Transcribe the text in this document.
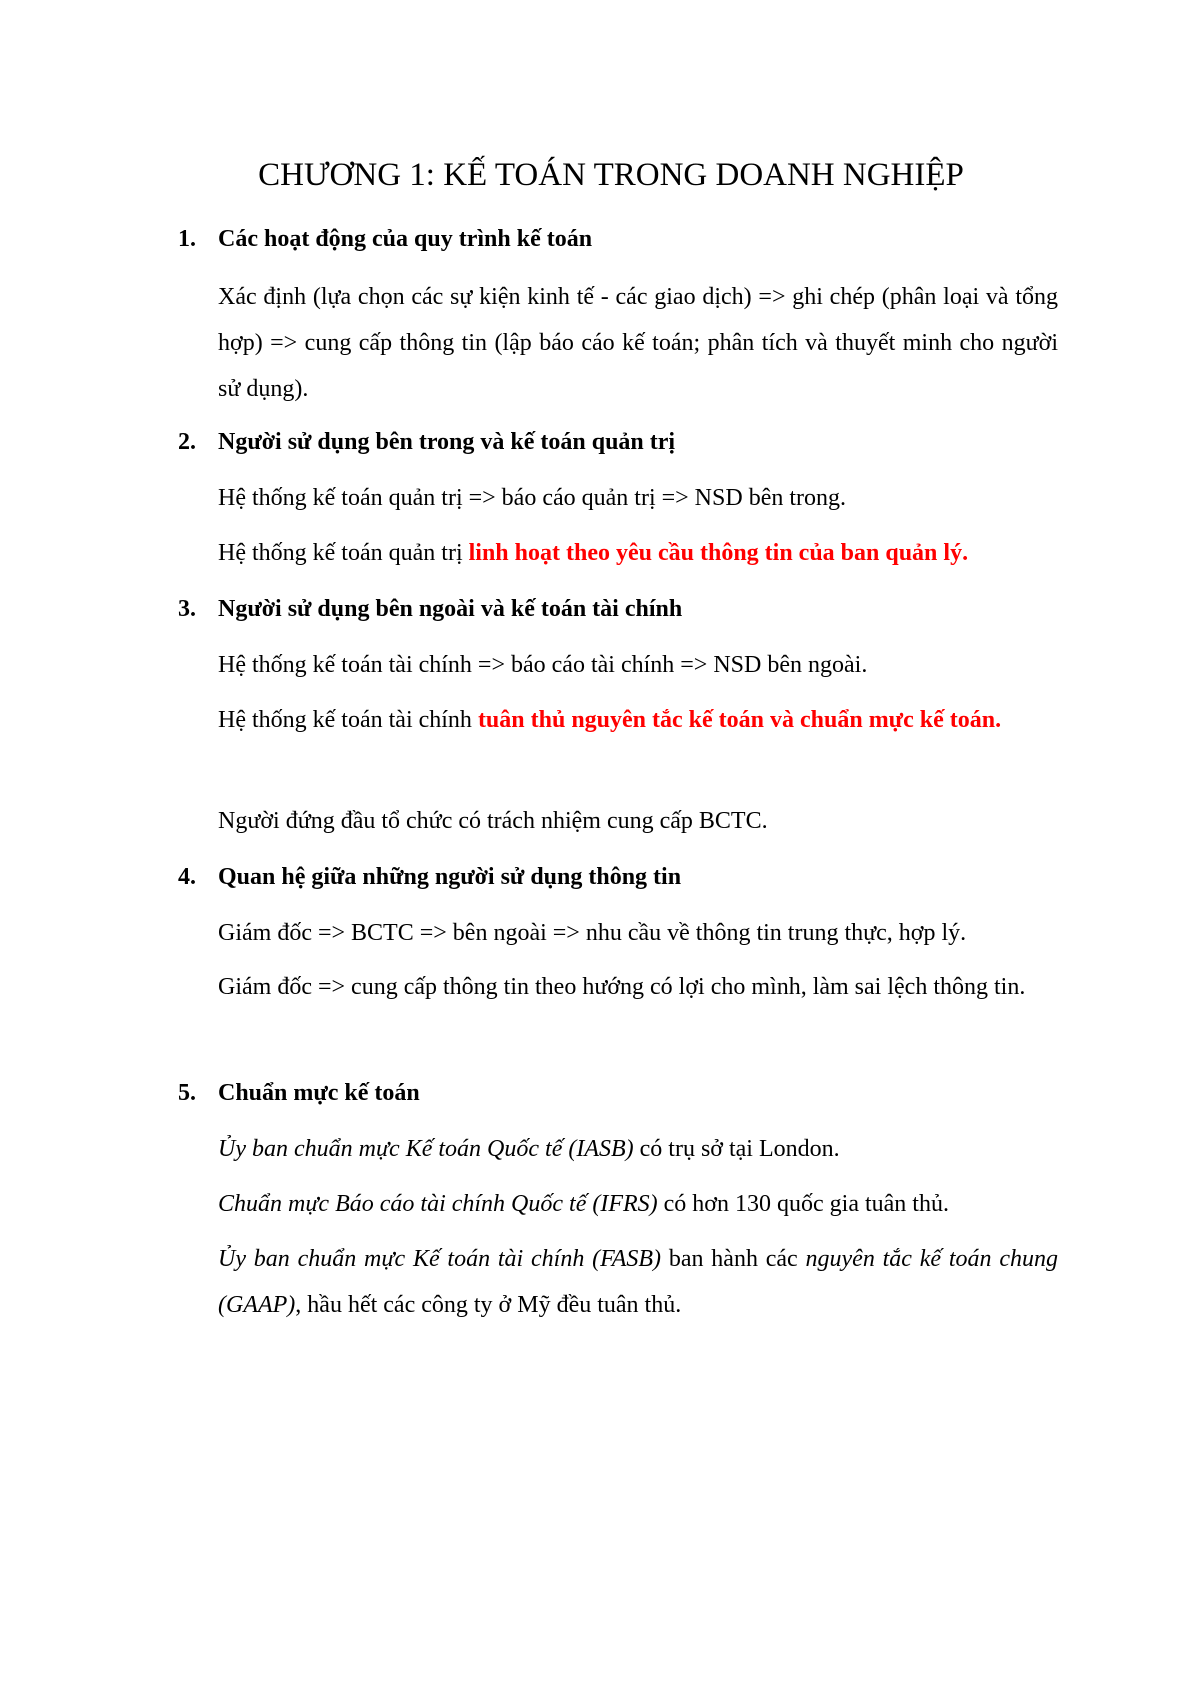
CHƯƠNG 1: KẾ TOÁN TRONG DOANH NGHIỆP
1. Các hoạt động của quy trình kế toán

Xác định (lựa chọn các sự kiện kinh tế - các giao dịch) => ghi chép (phân loại và tổng hợp) => cung cấp thông tin (lập báo cáo kế toán; phân tích và thuyết minh cho người sử dụng).

2. Người sử dụng bên trong và kế toán quản trị

Hệ thống kế toán quản trị => báo cáo quản trị => NSD bên trong.

Hệ thống kế toán quản trị linh hoạt theo yêu cầu thông tin của ban quản lý.

3. Người sử dụng bên ngoài và kế toán tài chính

Hệ thống kế toán tài chính => báo cáo tài chính => NSD bên ngoài.

Hệ thống kế toán tài chính tuân thủ nguyên tắc kế toán và chuẩn mực kế toán.

Người đứng đầu tổ chức có trách nhiệm cung cấp BCTC.

4. Quan hệ giữa những người sử dụng thông tin

Giám đốc => BCTC => bên ngoài => nhu cầu về thông tin trung thực, hợp lý.

Giám đốc => cung cấp thông tin theo hướng có lợi cho mình, làm sai lệch thông tin.

5. Chuẩn mực kế toán

Ủy ban chuẩn mực Kế toán Quốc tế (IASB) có trụ sở tại London.

Chuẩn mực Báo cáo tài chính Quốc tế (IFRS) có hơn 130 quốc gia tuân thủ.

Ủy ban chuẩn mực Kế toán tài chính (FASB) ban hành các nguyên tắc kế toán chung (GAAP), hầu hết các công ty ở Mỹ đều tuân thủ.
